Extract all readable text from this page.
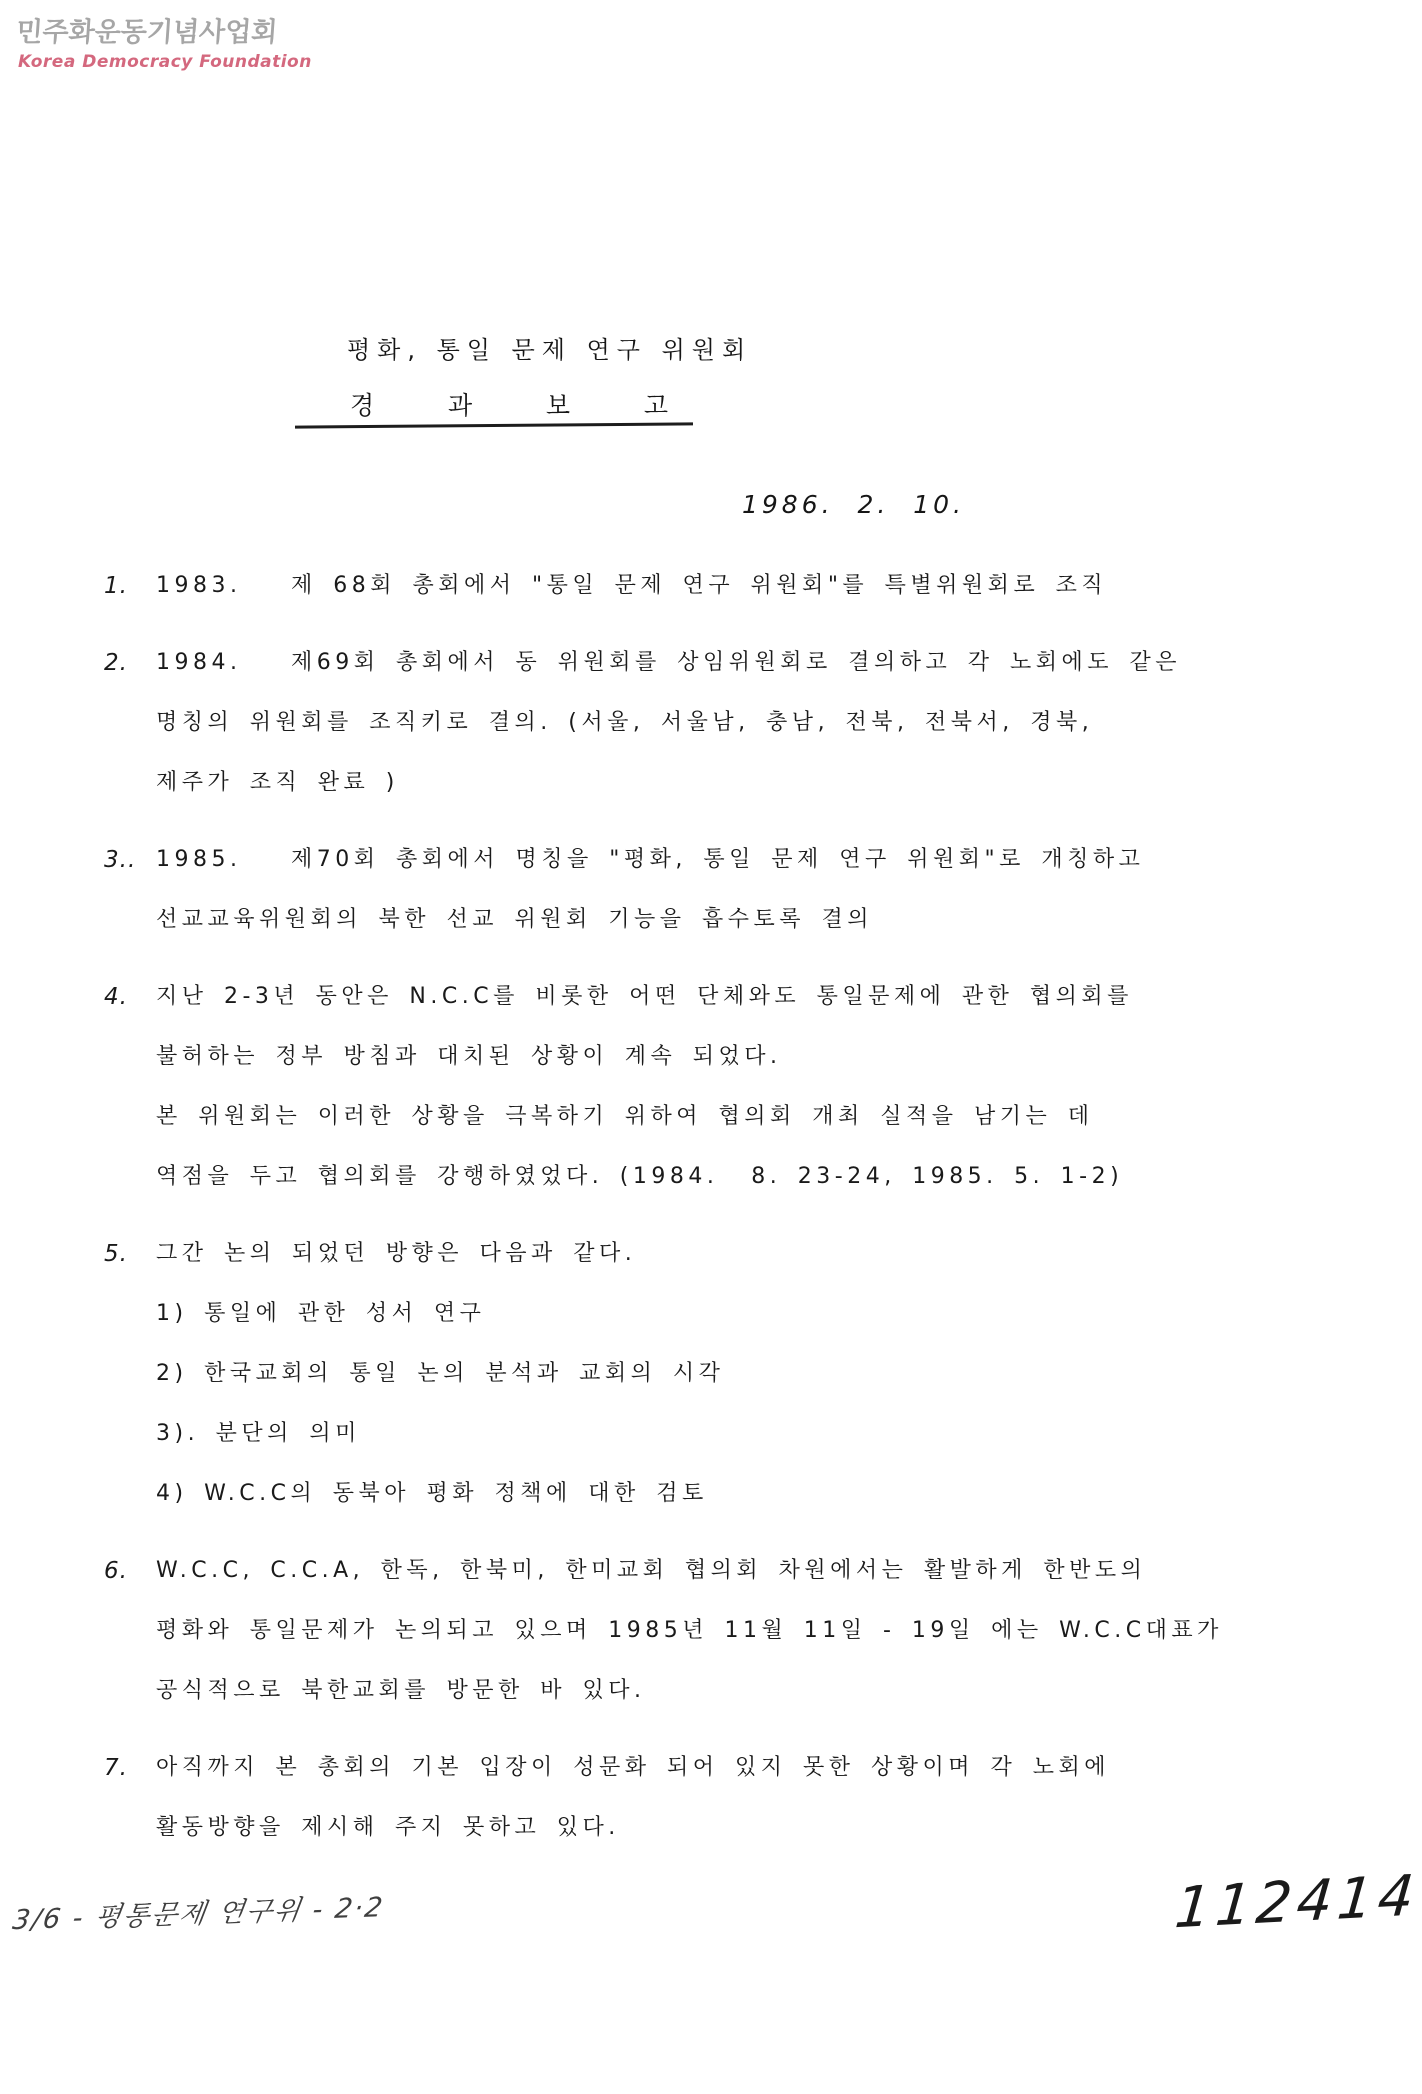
민주화운동기념사업회
Korea Democracy Foundation
평화, 통일 문제 연구 위원회
경	과	보	고
1986.  2.  10.
1.	1983.   제 68회 총회에서 "통일 문제 연구 위원회"를 특별위원회로 조직
2.	1984.   제69회 총회에서 동 위원회를 상임위원회로 결의하고 각 노회에도 같은
명칭의 위원회를 조직키로 결의. (서울, 서울남, 충남, 전북, 전북서, 경북,
제주가 조직 완료 )
3.. 1985.   제70회 총회에서 명칭을 "평화, 통일 문제 연구 위원회"로 개칭하고
선교교육위원회의 북한 선교 위원회 기능을 흡수토록 결의
4.	지난 2-3년 동안은 N.C.C를 비롯한 어떤 단체와도 통일문제에 관한 협의회를
불허하는 정부 방침과 대치된 상황이 계속 되었다.
본 위원회는 이러한 상황을 극복하기 위하여 협의회 개최 실적을 남기는 데
역점을 두고 협의회를 강행하였었다. (1984.  8. 23-24, 1985. 5. 1-2)
5.	그간 논의 되었던 방향은 다음과 같다.
1) 통일에 관한 성서 연구
2) 한국교회의 통일 논의 분석과 교회의 시각
3). 분단의 의미
4) W.C.C의 동북아 평화 정책에 대한 검토
6.	W.C.C, C.C.A, 한독, 한북미, 한미교회 협의회 차원에서는 활발하게 한반도의
평화와 통일문제가 논의되고 있으며 1985년 11월 11일 - 19일 에는 W.C.C대표가
공식적으로 북한교회를 방문한 바 있다.
7.	아직까지 본 총회의 기본 입장이 성문화 되어 있지 못한 상황이며 각 노회에
활동방향을 제시해 주지 못하고 있다.
3/6 - 평통문제 연구위 - 2·2	112414
